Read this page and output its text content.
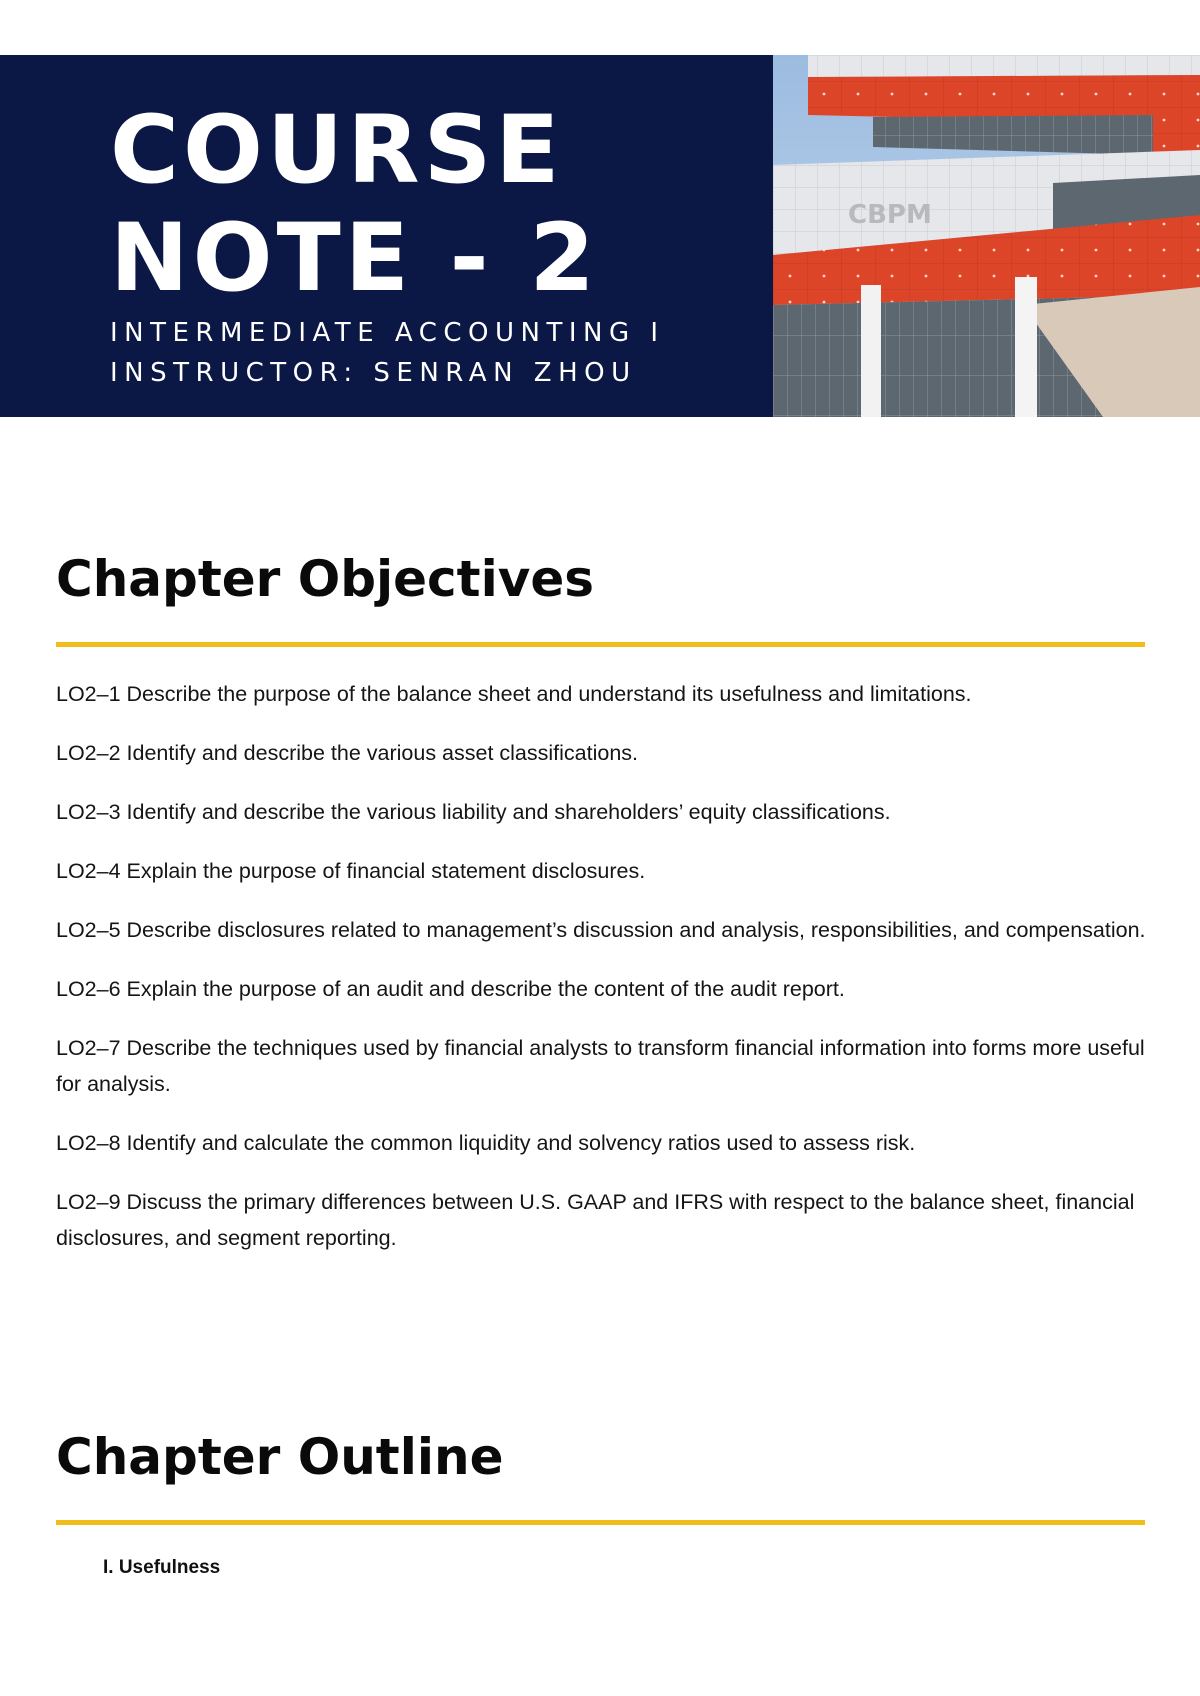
COURSE
NOTE - 2
INTERMEDIATE ACCOUNTING I
INSTRUCTOR: SENRAN ZHOU
CBPM
Chapter Objectives
LO2–1 Describe the purpose of the balance sheet and understand its usefulness and limitations.
LO2–2 Identify and describe the various asset classifications.
LO2–3 Identify and describe the various liability and shareholders’ equity classifications.
LO2–4 Explain the purpose of financial statement disclosures.
LO2–5 Describe disclosures related to management’s discussion and analysis, responsibilities, and compensation.
LO2–6 Explain the purpose of an audit and describe the content of the audit report.
LO2–7 Describe the techniques used by financial analysts to transform financial information into forms more useful for analysis.
LO2–8 Identify and calculate the common liquidity and solvency ratios used to assess risk.
LO2–9 Discuss the primary differences between U.S. GAAP and IFRS with respect to the balance sheet, financial disclosures, and segment reporting.
Chapter Outline
I. Usefulness
